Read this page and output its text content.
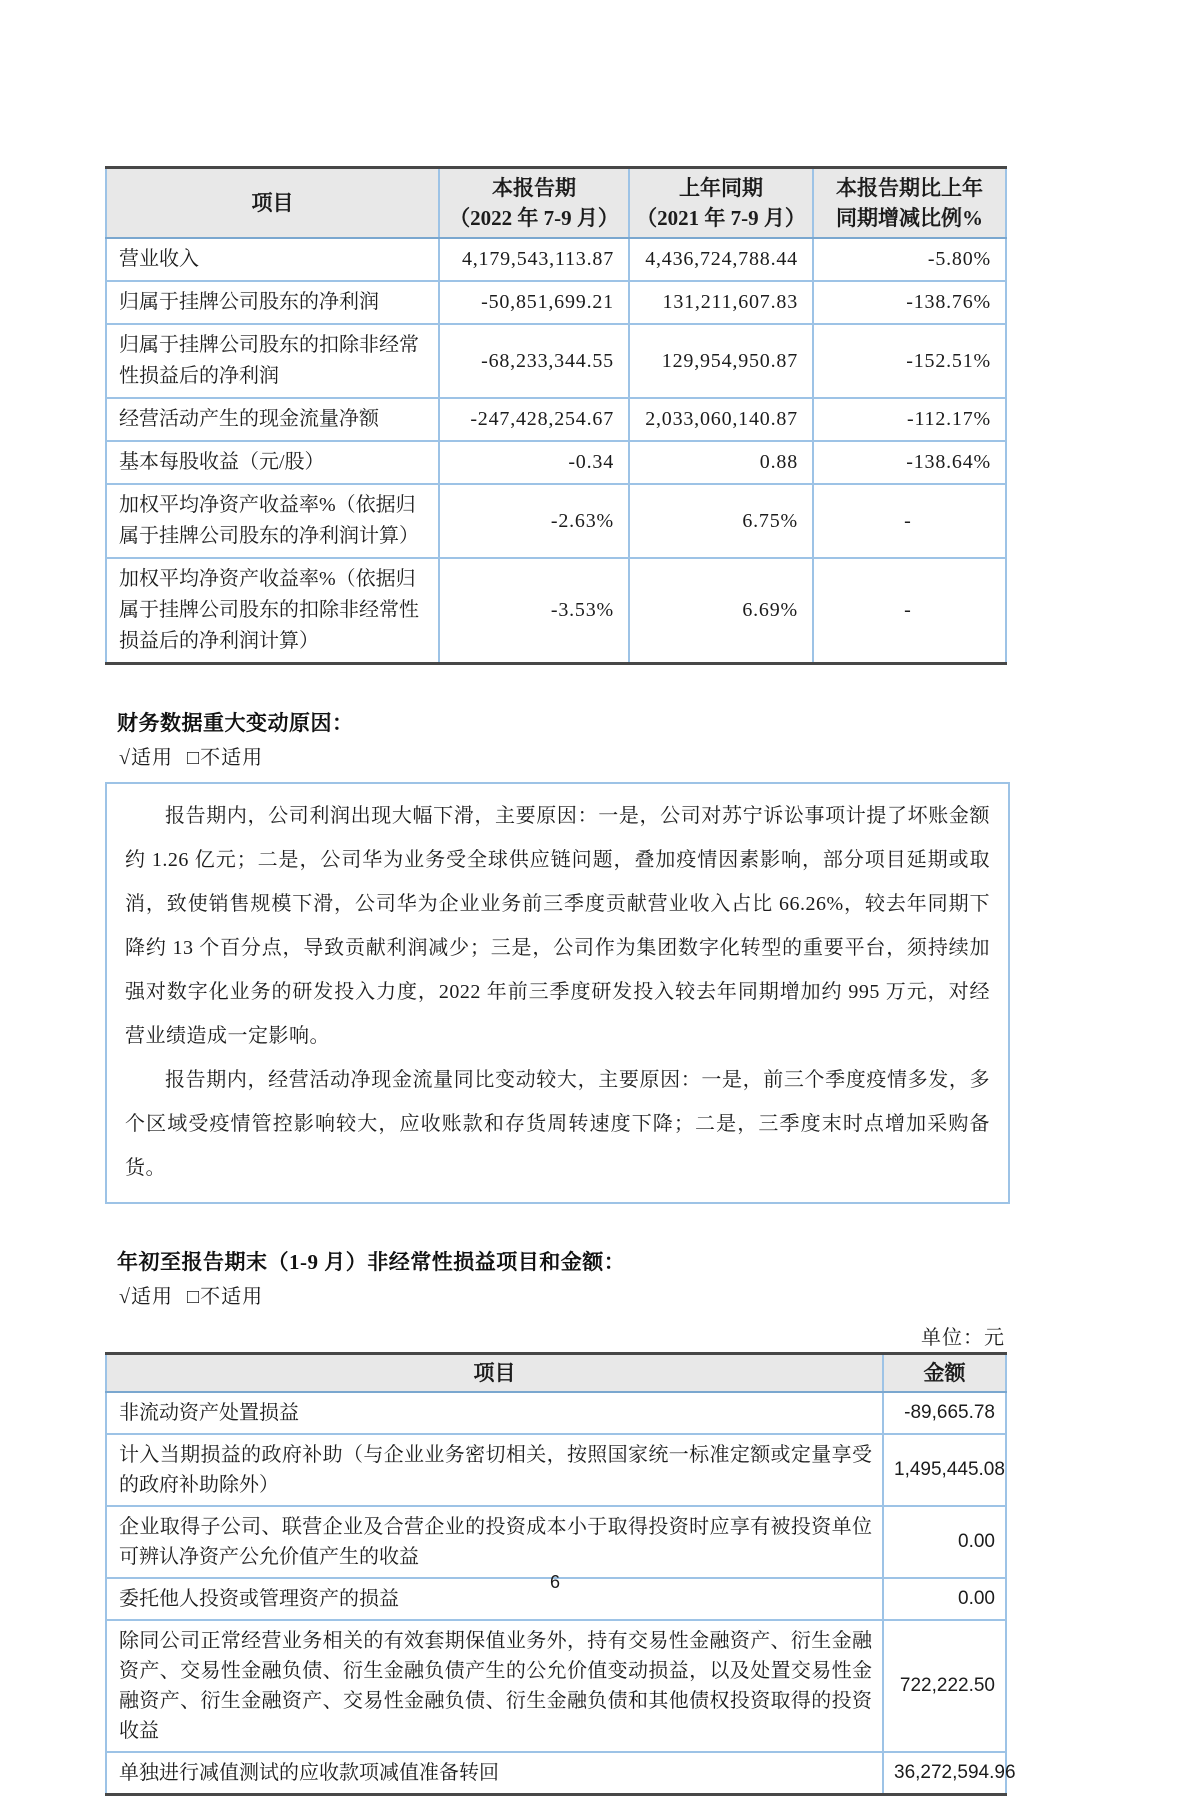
项目	
本报告期
（2022 年 7-9 月）

上年同期
（2021 年 7-9 月）

本报告期比上年
同期增减比例%

营业收入	4,179,543,113.87	4,436,724,788.44	-5.80%
归属于挂牌公司股东的净利润	-50,851,699.21	131,211,607.83	-138.76%
归属于挂牌公司股东的扣除非经常性损益后的净利润	-68,233,344.55	129,954,950.87	-152.51%
经营活动产生的现金流量净额	-247,428,254.67	2,033,060,140.87	-112.17%
基本每股收益（元/股）	-0.34	0.88	-138.64%
加权平均净资产收益率%（依据归属于挂牌公司股东的净利润计算）	-2.63%	6.75%	-
加权平均净资产收益率%（依据归属于挂牌公司股东的扣除非经常性损益后的净利润计算）	-3.53%	6.69%	-
财务数据重大变动原因：
√适用 □不适用

报告期内，公司利润出现大幅下滑，主要原因：一是，公司对苏宁诉讼事项计提了坏账金额约 1.26 亿元；二是，公司华为业务受全球供应链问题，叠加疫情因素影响，部分项目延期或取消，致使销售规模下滑，公司华为企业业务前三季度贡献营业收入占比 66.26%，较去年同期下降约 13 个百分点，导致贡献利润减少；三是，公司作为集团数字化转型的重要平台，须持续加强对数字化业务的研发投入力度，2022 年前三季度研发投入较去年同期增加约 995 万元，对经营业绩造成一定影响。

报告期内，经营活动净现金流量同比变动较大，主要原因：一是，前三个季度疫情多发，多个区域受疫情管控影响较大，应收账款和存货周转速度下降；二是，三季度末时点增加采购备货。

年初至报告期末（1-9 月）非经常性损益项目和金额：
√适用 □不适用
单位：元
项目	金额
非流动资产处置损益	-89,665.78
计入当期损益的政府补助（与企业业务密切相关，按照国家统一标准定额或定量享受的政府补助除外）	1,495,445.08
企业取得子公司、联营企业及合营企业的投资成本小于取得投资时应享有被投资单位可辨认净资产公允价值产生的收益	0.00
委托他人投资或管理资产的损益	0.00
除同公司正常经营业务相关的有效套期保值业务外，持有交易性金融资产、衍生金融资产、交易性金融负债、衍生金融负债产生的公允价值变动损益，以及处置交易性金融资产、衍生金融资产、交易性金融负债、衍生金融负债和其他债权投资取得的投资收益	722,222.50
单独进行减值测试的应收款项减值准备转回	36,272,594.96
6
